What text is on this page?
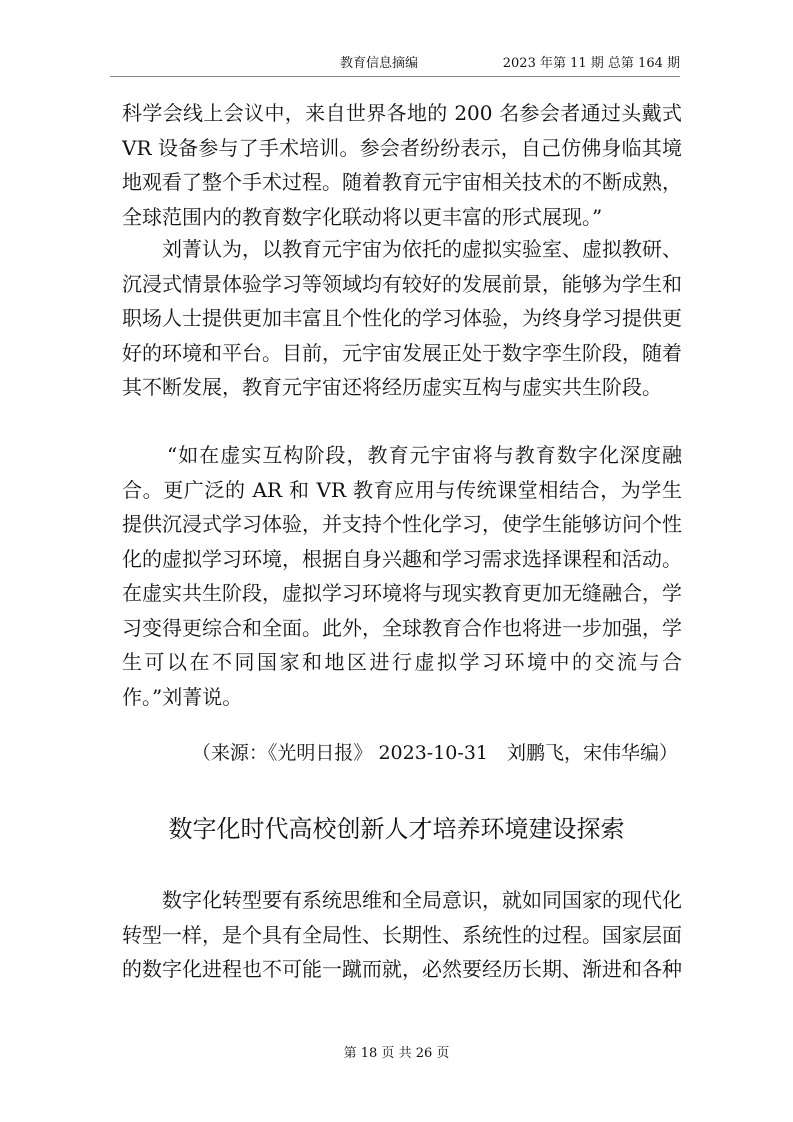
教育信息摘编	2023 年第 11 期 总第 164 期

科学会线上会议中，来自世界各地的 200 名参会者通过头戴式 VR 设备参与了手术培训。参会者纷纷表示，自己仿佛身临其境地观看了整个手术过程。随着教育元宇宙相关技术的不断成熟，全球范围内的教育数字化联动将以更丰富的形式展现。”

刘菁认为，以教育元宇宙为依托的虚拟实验室、虚拟教研、沉浸式情景体验学习等领域均有较好的发展前景，能够为学生和职场人士提供更加丰富且个性化的学习体验，为终身学习提供更好的环境和平台。目前，元宇宙发展正处于数字孪生阶段，随着其不断发展，教育元宇宙还将经历虚实互构与虚实共生阶段。

“如在虚实互构阶段，教育元宇宙将与教育数字化深度融合。更广泛的 AR 和 VR 教育应用与传统课堂相结合，为学生提供沉浸式学习体验，并支持个性化学习，使学生能够访问个性化的虚拟学习环境，根据自身兴趣和学习需求选择课程和活动。在虚实共生阶段，虚拟学习环境将与现实教育更加无缝融合，学习变得更综合和全面。此外，全球教育合作也将进一步加强，学生可以在不同国家和地区进行虚拟学习环境中的交流与合作。”刘菁说。

（来源：《光明日报》 2023-10-31　刘鹏飞，宋伟华编）
数字化时代高校创新人才培养环境建设探索

数字化转型要有系统思维和全局意识，就如同国家的现代化转型一样，是个具有全局性、长期性、系统性的过程。国家层面的数字化进程也不可能一蹴而就，必然要经历长期、渐进和各种

第 18 页 共 26 页
